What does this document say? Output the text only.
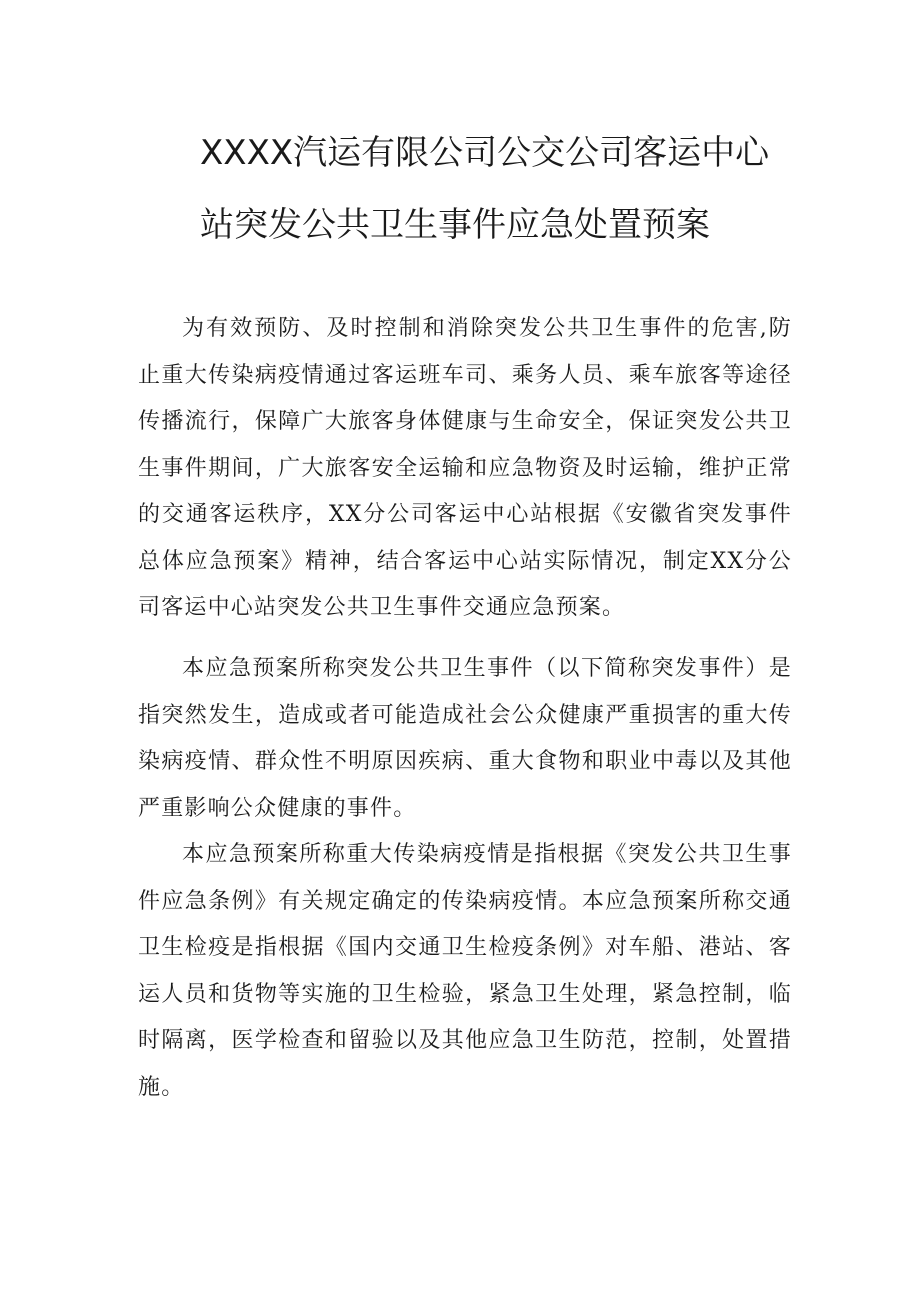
XXXX汽运有限公司公交公司客运中心
站突发公共卫生事件应急处置预案

为有效预防、及时控制和消除突发公共卫生事件的危害,防止重大传染病疫情通过客运班车司、乘务人员、乘车旅客等途径传播流行，保障广大旅客身体健康与生命安全，保证突发公共卫生事件期间，广大旅客安全运输和应急物资及时运输，维护正常的交通客运秩序，XX分公司客运中心站根据《安徽省突发事件总体应急预案》精神，结合客运中心站实际情况，制定XX分公司客运中心站突发公共卫生事件交通应急预案。

本应急预案所称突发公共卫生事件（以下简称突发事件）是指突然发生，造成或者可能造成社会公众健康严重损害的重大传染病疫情、群众性不明原因疾病、重大食物和职业中毒以及其他严重影响公众健康的事件。

本应急预案所称重大传染病疫情是指根据《突发公共卫生事件应急条例》有关规定确定的传染病疫情。本应急预案所称交通卫生检疫是指根据《国内交通卫生检疫条例》对车船、港站、客运人员和货物等实施的卫生检验，紧急卫生处理，紧急控制，临时隔离，医学检查和留验以及其他应急卫生防范，控制，处置措施。
